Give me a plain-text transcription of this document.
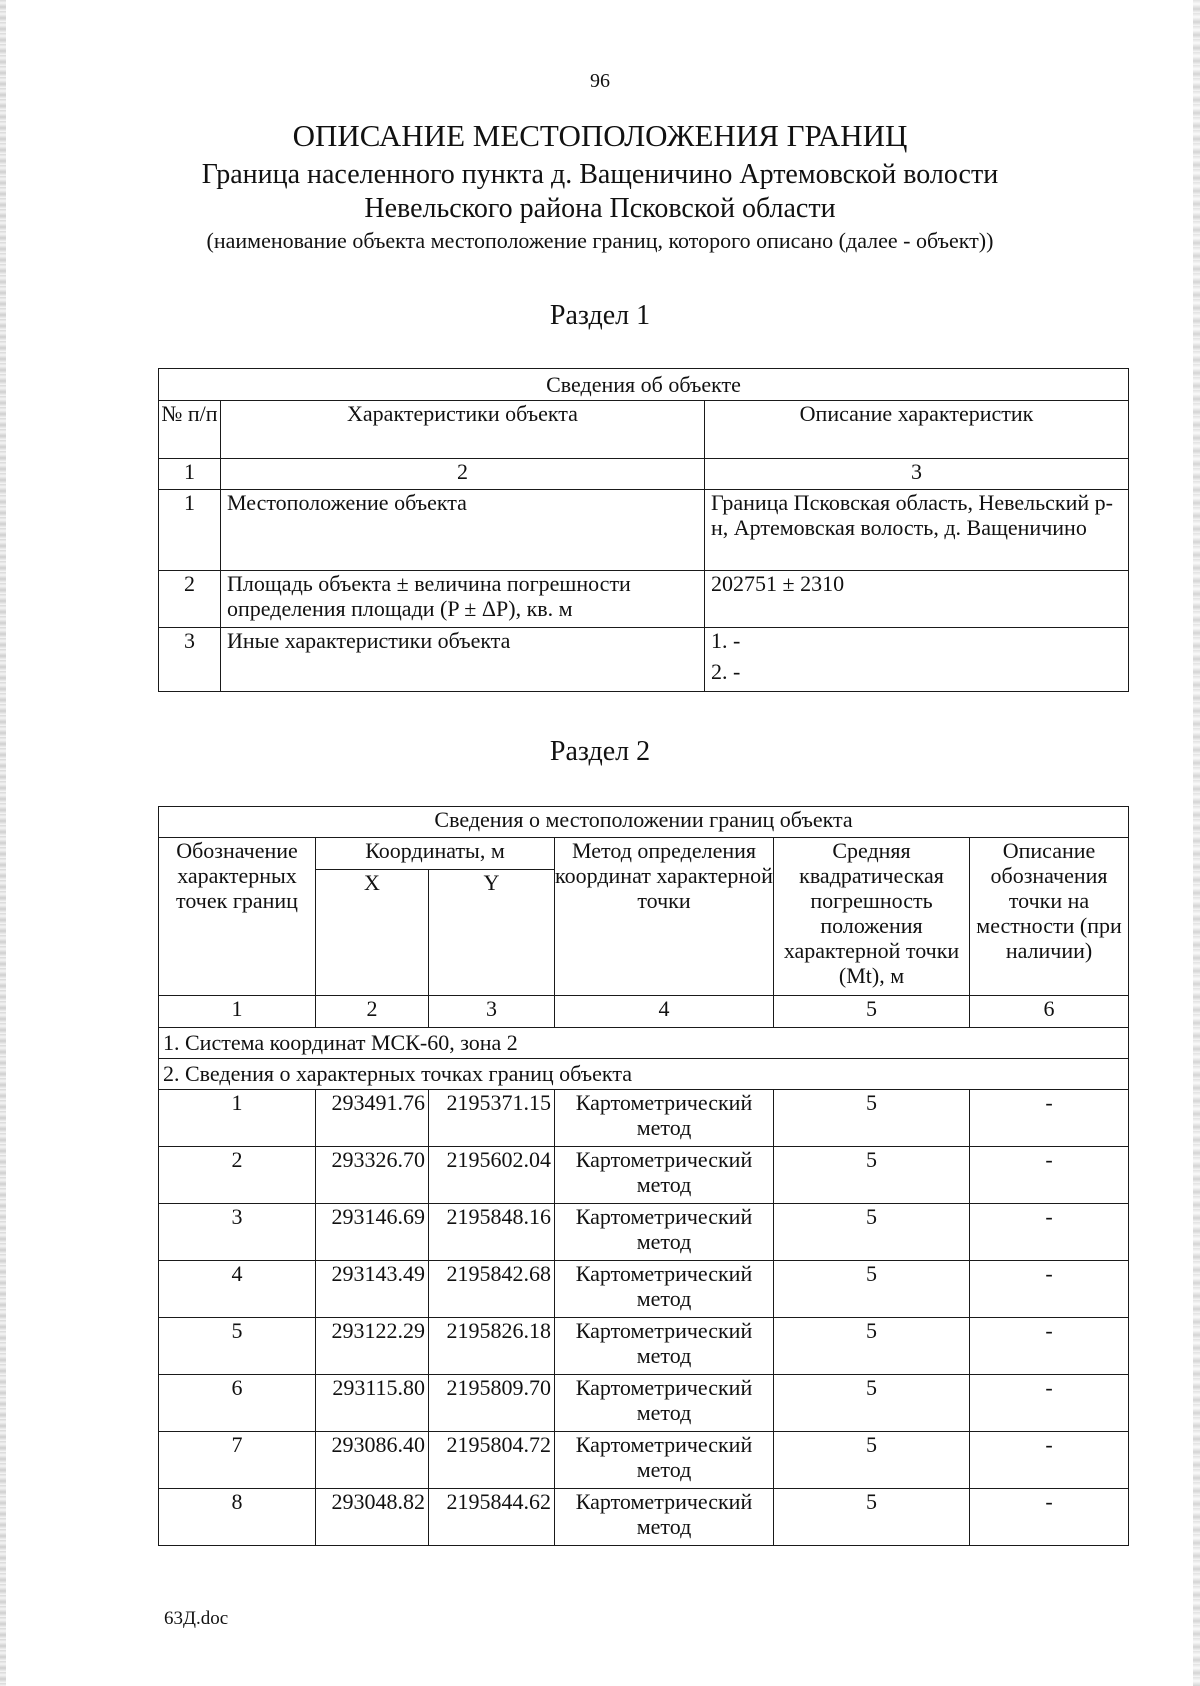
96
ОПИСАНИЕ МЕСТОПОЛОЖЕНИЯ ГРАНИЦ
Граница населенного пункта д. Ващеничино Артемовской волости
Невельского района Псковской области
(наименование объекта местоположение границ, которого описано (далее - объект))
Раздел 1
Сведения об объекте		
№ п/п	Характеристики объекта	Описание характеристик
1	2	3
1	Местоположение объекта	Граница Псковская область, Невельский р-н, Артемовская волость, д. Ващеничино
2	Площадь объекта ± величина погрешности определения площади (P ± ΔP), кв. м	202751 ± 2310
3	Иные характеристики объекта	1. -
2. -
Раздел 2
Сведения о местоположении границ объекта					
Обозначение характерных точек границ	Координаты, м		Метод определения координат характерной точки	Средняя квадратическая погрешность положения характерной точки (Mt), м	Описание обозначения точки на местности (при наличии)
	X	Y			
1	2	3	4	5	6
1. Система координат МСК-60, зона 2					
2. Сведения о характерных точках границ объекта					
1	293491.76	2195371.15	Картометрический метод	5	-
2	293326.70	2195602.04	Картометрический метод	5	-
3	293146.69	2195848.16	Картометрический метод	5	-
4	293143.49	2195842.68	Картометрический метод	5	-
5	293122.29	2195826.18	Картометрический метод	5	-
6	293115.80	2195809.70	Картометрический метод	5	-
7	293086.40	2195804.72	Картометрический метод	5	-
8	293048.82	2195844.62	Картометрический метод	5	-
63Д.doc
